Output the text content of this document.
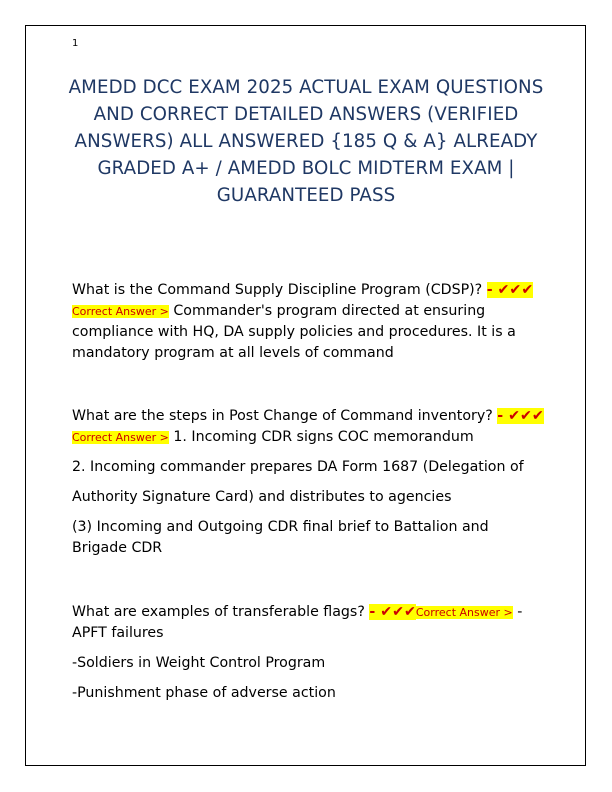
1
AMEDD DCC EXAM 2025 ACTUAL EXAM QUESTIONS AND CORRECT DETAILED ANSWERS (VERIFIED ANSWERS) ALL ANSWERED {185 Q & A} ALREADY GRADED A+ / AMEDD BOLC MIDTERM EXAM | GUARANTEED PASS
What is the Command Supply Discipline Program (CDSP)? - ✔✔✔
Correct Answer > Commander's program directed at ensuring
compliance with HQ, DA supply policies and procedures. It is a
mandatory program at all levels of command
What are the steps in Post Change of Command inventory? - ✔✔✔
Correct Answer > 1. Incoming CDR signs COC memorandum
2. Incoming commander prepares DA Form 1687 (Delegation of
Authority Signature Card) and distributes to agencies
(3) Incoming and Outgoing CDR final brief to Battalion and
Brigade CDR
What are examples of transferable flags? - ✔✔✔Correct Answer > -
APFT failures
-Soldiers in Weight Control Program
-Punishment phase of adverse action
